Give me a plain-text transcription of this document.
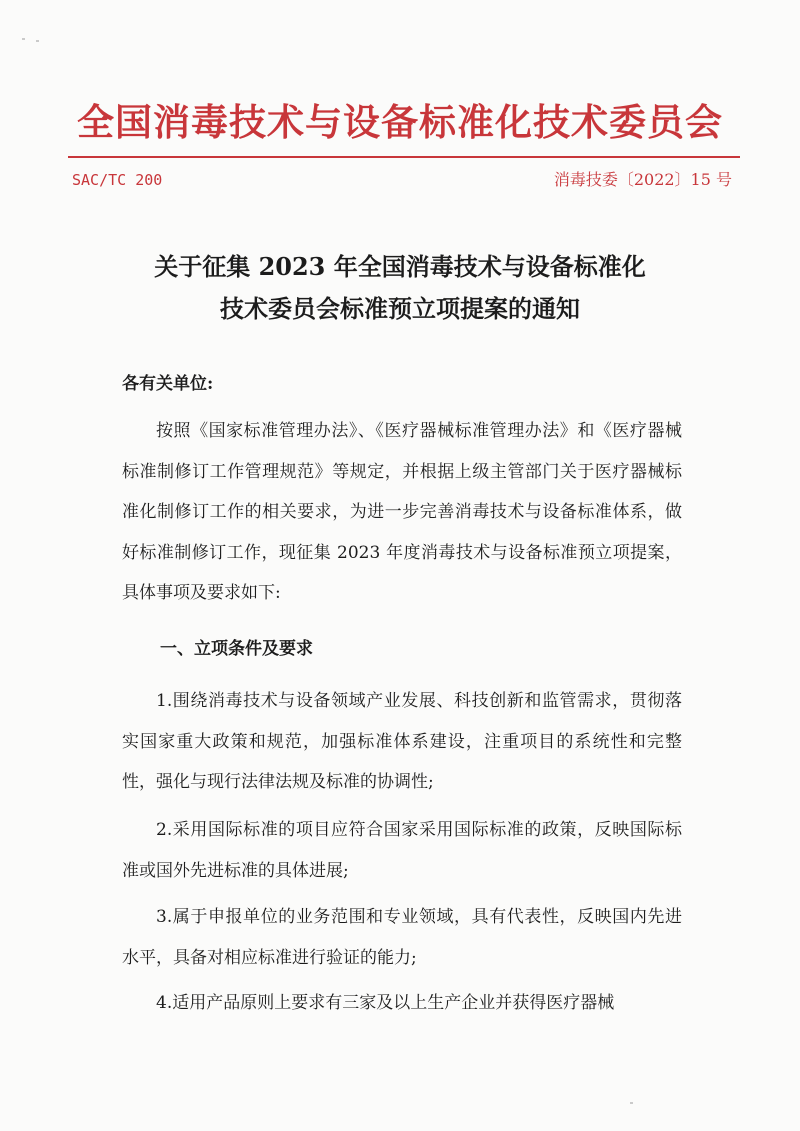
全国消毒技术与设备标准化技术委员会
SAC/TC 200	消毒技委〔2022〕15 号
关于征集 2023 年全国消毒技术与设备标准化
技术委员会标准预立项提案的通知
各有关单位:

按照《国家标准管理办法》、《医疗器械标准管理办法》和《医疗器械标准制修订工作管理规范》等规定，并根据上级主管部门关于医疗器械标准化制修订工作的相关要求，为进一步完善消毒技术与设备标准体系，做好标准制修订工作，现征集 2023 年度消毒技术与设备标准预立项提案，具体事项及要求如下:

一、立项条件及要求

1.围绕消毒技术与设备领域产业发展、科技创新和监管需求，贯彻落实国家重大政策和规范，加强标准体系建设，注重项目的系统性和完整性，强化与现行法律法规及标准的协调性;

2.采用国际标准的项目应符合国家采用国际标准的政策，反映国际标准或国外先进标准的具体进展;

3.属于申报单位的业务范围和专业领域，具有代表性，反映国内先进水平，具备对相应标准进行验证的能力;

4.适用产品原则上要求有三家及以上生产企业并获得医疗器械
